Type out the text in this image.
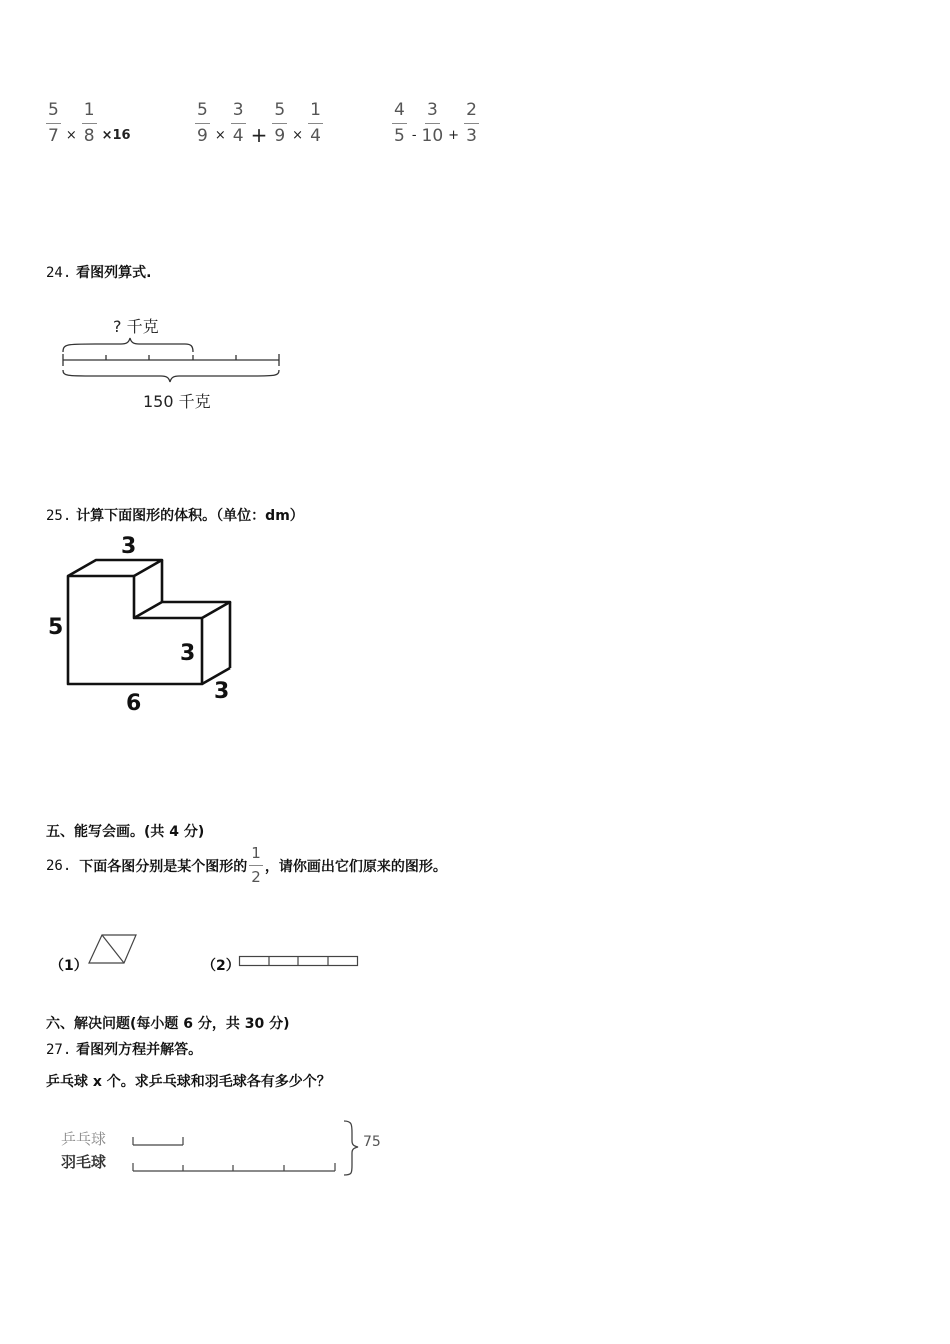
$\frac{5}{7} \times \frac{1}{8} \times 16$	$\frac{5}{9} \times \frac{3}{4} + \frac{5}{9} \times \frac{1}{4}$	$\frac{4}{5} - \frac{3}{10} + \frac{2}{3}$
24. 看图列算式.
? 千克
150 千克
25. 计算下面图形的体积。（单位：dm）
3
5
3
6	3
五、能写会画。(共 4 分)
26. 下面各图分别是某个图形的 $\frac{1}{2}$ ，请你画出它们原来的图形。
（1）	（2）
六、解决问题(每小题 6 分，共 30 分)
27. 看图列方程并解答。
乒乓球 x 个。求乒乓球和羽毛球各有多少个？
乒乓球
羽毛球
75
